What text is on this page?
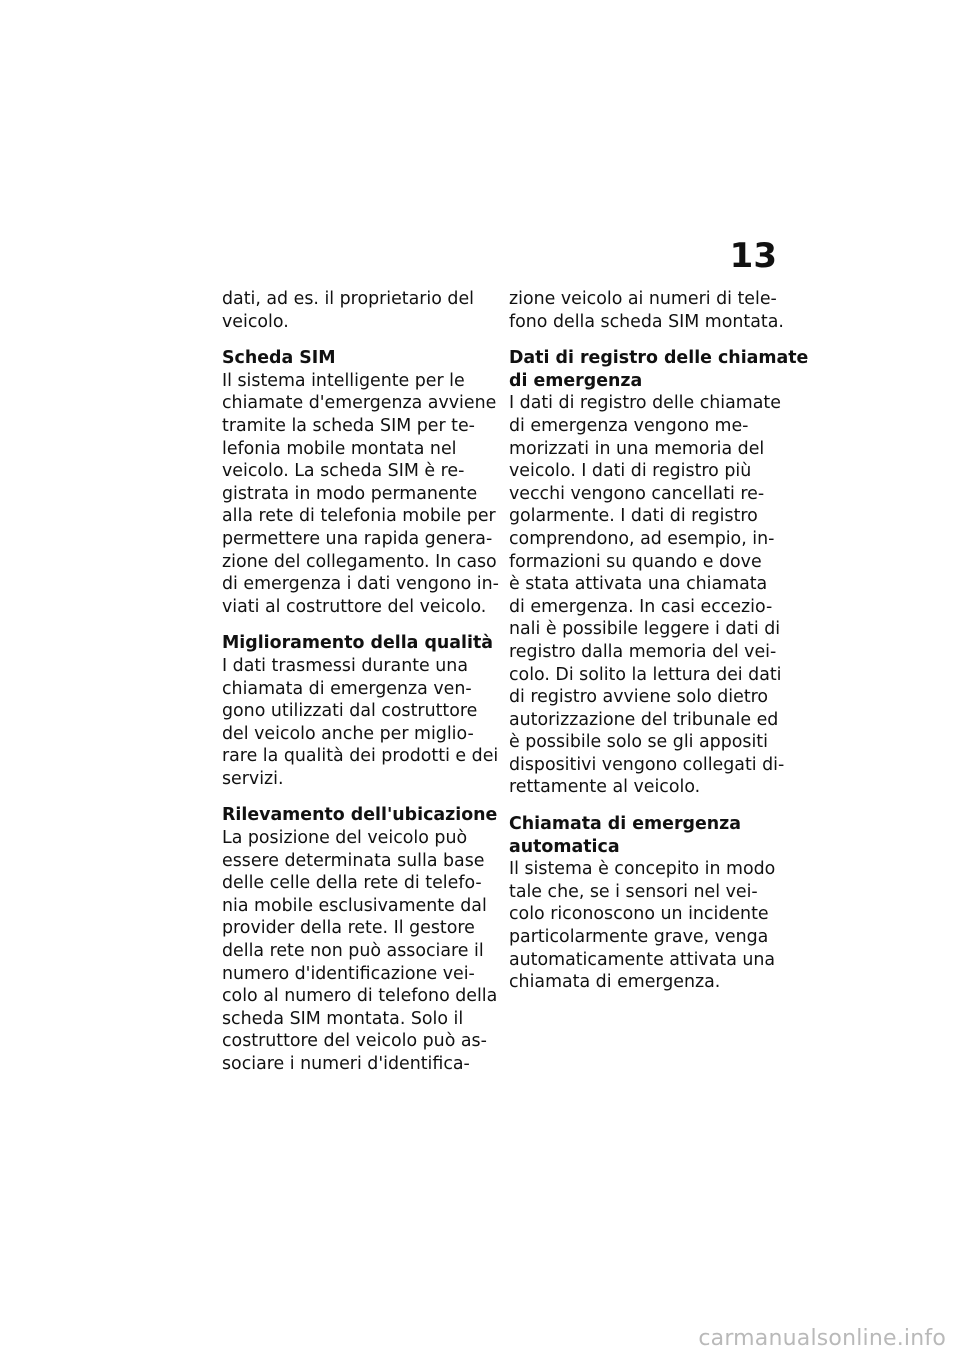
13
dati, ad es. il proprietario del
veicolo.
Scheda SIM
Il sistema intelligente per le
chiamate d'emergenza avviene
tramite la scheda SIM per te-
lefonia mobile montata nel
veicolo. La scheda SIM è re-
gistrata in modo permanente
alla rete di telefonia mobile per
permettere una rapida genera-
zione del collegamento. In caso
di emergenza i dati vengono in-
viati al costruttore del veicolo.
Miglioramento della qualità
I dati trasmessi durante una
chiamata di emergenza ven-
gono utilizzati dal costruttore
del veicolo anche per miglio-
rare la qualità dei prodotti e dei
servizi.
Rilevamento dell'ubicazione
La posizione del veicolo può
essere determinata sulla base
delle celle della rete di telefo-
nia mobile esclusivamente dal
provider della rete. Il gestore
della rete non può associare il
numero d'identificazione vei-
colo al numero di telefono della
scheda SIM montata. Solo il
costruttore del veicolo può as-
sociare i numeri d'identifica-
zione veicolo ai numeri di tele-
fono della scheda SIM montata.
Dati di registro delle chiamate
di emergenza
I dati di registro delle chiamate
di emergenza vengono me-
morizzati in una memoria del
veicolo. I dati di registro più
vecchi vengono cancellati re-
golarmente. I dati di registro
comprendono, ad esempio, in-
formazioni su quando e dove
è stata attivata una chiamata
di emergenza. In casi eccezio-
nali è possibile leggere i dati di
registro dalla memoria del vei-
colo. Di solito la lettura dei dati
di registro avviene solo dietro
autorizzazione del tribunale ed
è possibile solo se gli appositi
dispositivi vengono collegati di-
rettamente al veicolo.
Chiamata di emergenza
automatica
Il sistema è concepito in modo
tale che, se i sensori nel vei-
colo riconoscono un incidente
particolarmente grave, venga
automaticamente attivata una
chiamata di emergenza.
carmanualsonline.info
